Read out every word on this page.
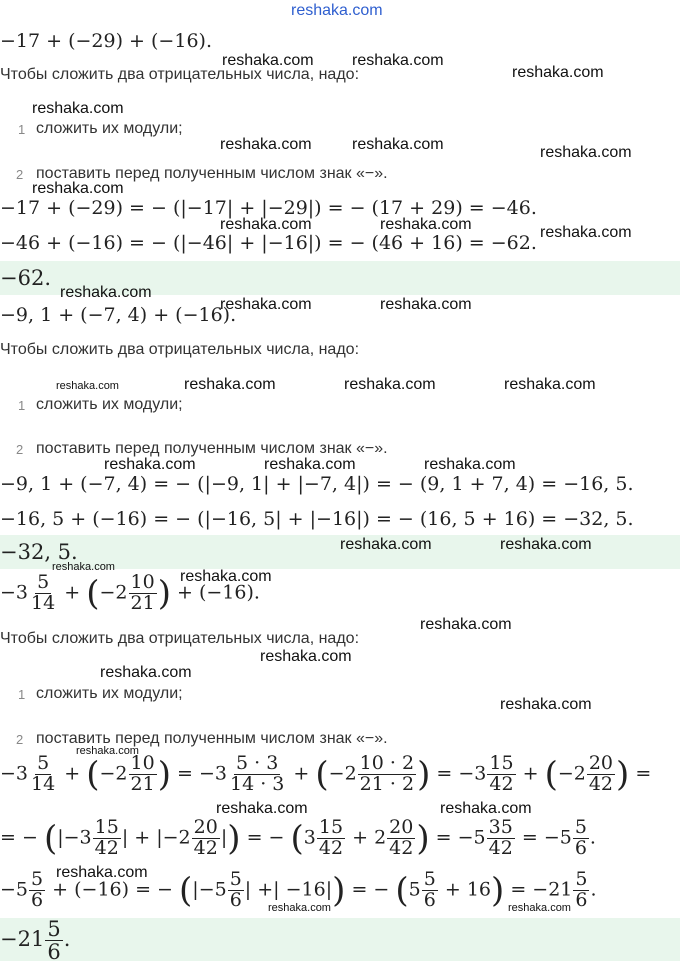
reshaka.com
−17 + (−29) + (−16).
Чтобы сложить два отрицательных числа, надо:
1 сложить их модули;
2 поставить перед полученным числом знак «−».
−17 + (−29) = − (|−17| + |−29|) = − (17 + 29) = −46.
−46 + (−16) = − (|−46| + |−16|) = − (46 + 16) = −62.
−62.
−9, 1 + (−7, 4) + (−16).
Чтобы сложить два отрицательных числа, надо:
1 сложить их модули;
2 поставить перед полученным числом знак «−».
−9, 1 + (−7, 4) = − (|−9, 1| + |−7, 4|) = − (9, 1 + 7, 4) = −16, 5.
−16, 5 + (−16) = − (|−16, 5| + |−16|) = − (16, 5 + 16) = −32, 5.
−32, 5.
$-3 \frac{5}{14} + (-2 \frac{10}{21}$ ) + (−16).
Чтобы сложить два отрицательных числа, надо:
1 сложить их модули;
2 поставить перед полученным числом знак «−».
$-3 \frac{5}{14} + (-2 \frac{10}{21}$ ) = $-3 \frac{5 \cdot 3}{14 \cdot 3} + (-2 \frac{10 \cdot 2}{21 \cdot 2}$ ) = $-3 \frac{15}{42} + (-2 \frac{20}{42}$ ) =
= − ($|-3 \frac{15}{42}$ | + $|-2 \frac{20}{42}$ |) = − ($3 \frac{15}{42} + 2 \frac{20}{42}$ ) = $-5 \frac{35}{42} = -5 \frac{5}{6}$ .
$-5 \frac{5}{6} + (-16)$ = − ($|-5 \frac{5}{6}$ | +| −16|) = − $(5 \frac{5}{6} + 16) = -21 \frac{5}{6}$ .
$-21 \frac{5}{6}$ .
reshaka.com reshaka.com
reshaka.com
reshaka.com
reshaka.com	reshaka.com	reshaka.com
reshaka.com
reshaka.com	reshaka.com	reshaka.com
reshaka.com
reshaka.com	reshaka.com
reshaka.com	reshaka.com	reshaka.com	reshaka.com
reshaka.com	reshaka.com	reshaka.com
reshaka.com	reshaka.com
reshaka.com
reshaka.com
reshaka.com
reshaka.com
reshaka.com
reshaka.com
reshaka.com
reshaka.com	reshaka.com
reshaka.com
reshaka.com	reshaka.com
